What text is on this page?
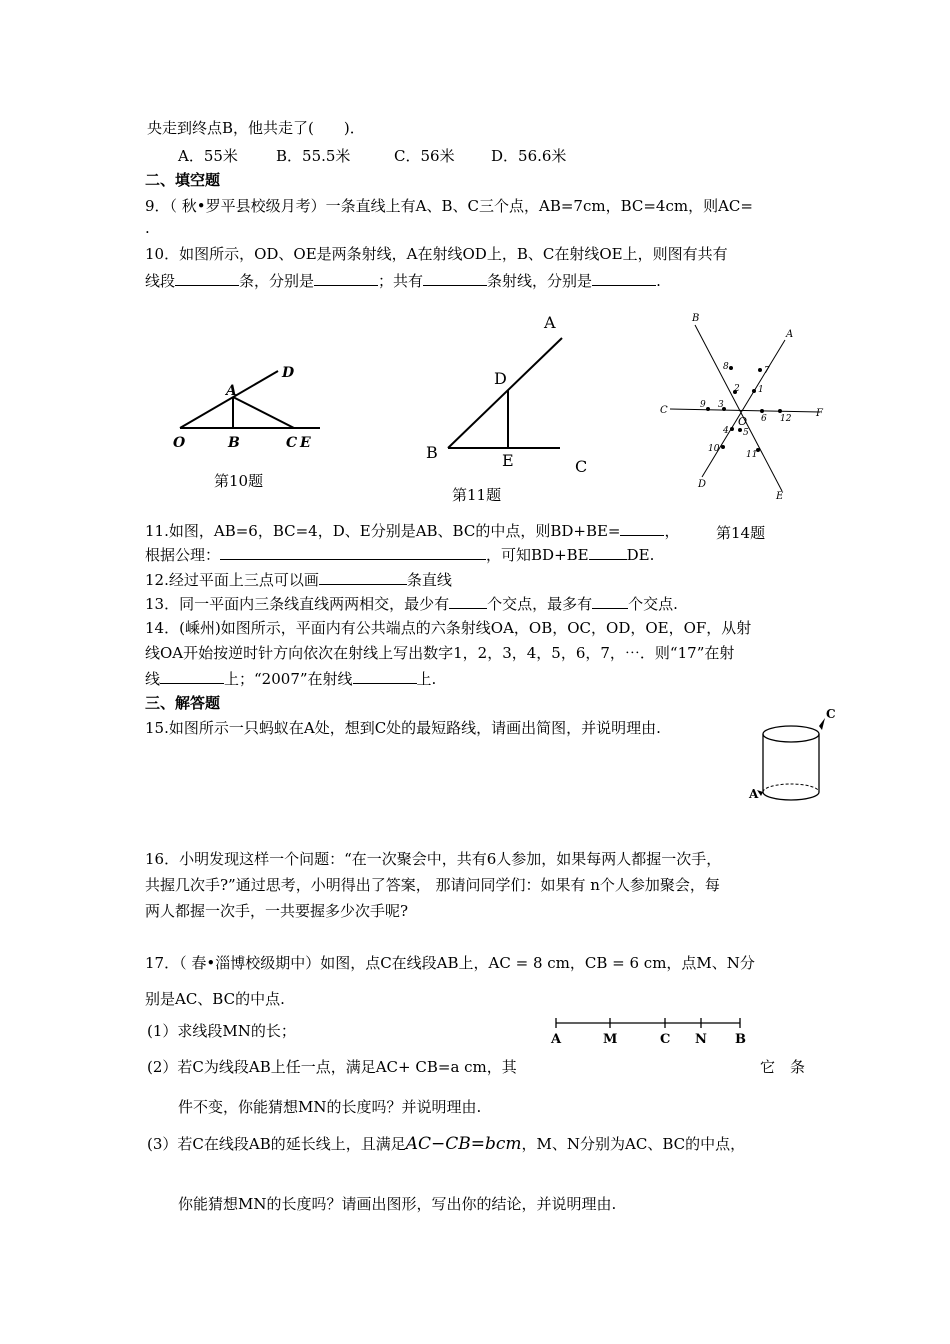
央走到终点B，他共走了(　　)．
A．55米	B．55.5米	C．56米 D．56.6米
二、填空题
9．（ 秋•罗平县校级月考）一条直线上有A、B、C三个点，AB=7cm，BC=4cm，则AC=
.
10．如图所示，OD、OE是两条射线，A在射线OD上，B、C在射线OE上，则图有共有
线段	条，分别是	；共有	条射线，分别是	.
A
D
O	B	C E
第10题
A
D
B	E	C
第11题
B
A
C	F
D
E
8	7
2 1
9 3
6 12
4 5
10
11
O
第14题
11.如图，AB=6，BC=4，D、E分别是AB、BC的中点，则BD+BE=	，
根据公理：	，可知BD+BE	DE.
12.经过平面上三点可以画	条直线
13．同一平面内三条线直线两两相交，最少有	个交点，最多有 个交点.
14．(嵊州)如图所示，平面内有公共端点的六条射线OA，OB，OC，OD，OE，OF，从射
线OA开始按逆时针方向依次在射线上写出数字1，2，3，4，5，6，7，⋯．则“17”在射
线	上；“2007”在射线	上.
三、解答题
15.如图所示一只蚂蚁在A处，想到C处的最短路线，请画出简图，并说明理由.
C
A
16．小明发现这样一个问题：“在一次聚会中，共有6人参加，如果每两人都握一次手，
共握几次手?”通过思考，小明得出了答案， 那请问同学们：如果有 n个人参加聚会，每
两人都握一次手，一共要握多少次手呢?
17．（ 春•淄博校级期中）如图，点C在线段AB上，AC = 8 cm，CB = 6 cm，点M、N分
别是AC、BC的中点.
(1）求线段MN的长；	A	M	C N B
(2）若C为线段AB上任一点，满足AC+ CB=a cm，其	它　条
件不变，你能猜想MN的长度吗？并说明理由.
(3）若C在线段AB的延长线上，且满足AC−CB=bcm，M、N分别为AC、BC的中点，
你能猜想MN的长度吗？请画出图形，写出你的结论，并说明理由.
